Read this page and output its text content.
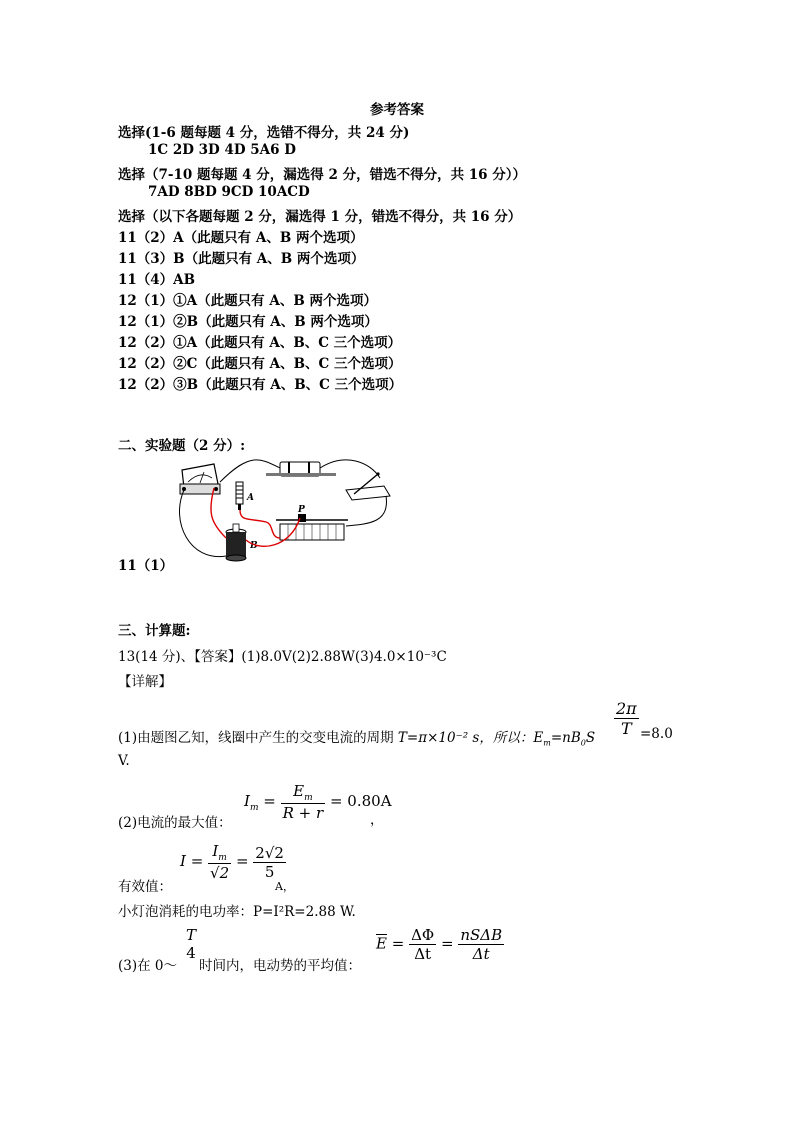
参考答案
选择(1-6 题每题 4 分，选错不得分，共 24 分)
1C 2D 3D 4D 5A6 D
选择（7-10 题每题 4 分，漏选得 2 分，错选不得分，共 16 分））
7AD 8BD 9CD 10ACD
选择（以下各题每题 2 分，漏选得 1 分，错选不得分，共 16 分）
11（2）A（此题只有 A、B 两个选项）
11（3）B（此题只有 A、B 两个选项）
11（4）AB
12（1）①A（此题只有 A、B 两个选项）
12（1）②B（此题只有 A、B 两个选项）
12（2）①A（此题只有 A、B、C 三个选项）
12（2）②C（此题只有 A、B、C 三个选项）
12（2）③B（此题只有 A、B、C 三个选项）
二、实验题（2 分）:
A
P
B
11（1）
三、计算题:
13(14 分)、【答案】(1)8.0V(2)2.88W(3)4.0×10⁻³C
【详解】
(1)由题图乙知，线圈中产生的交变电流的周期 T=π×10⁻² s，所以：$E_m=nB_0S \frac{2\pi}{T} =8.0$
V.
(2)电流的最大值：
$I_m = \frac{E_m}{R + r} = 0.80A$
，
有效值：
$I = \frac{I_m}{√2} = \frac{2√2}{5}$
A，
小灯泡消耗的电功率：P=I²R=2.88 W.
(3)在 0～
T
4
时间内，电动势的平均值：
$\overline{E} = \frac{\Delta\Phi}{\Delta t} = \frac{\text{nSΔB}}{\Delta t}$
